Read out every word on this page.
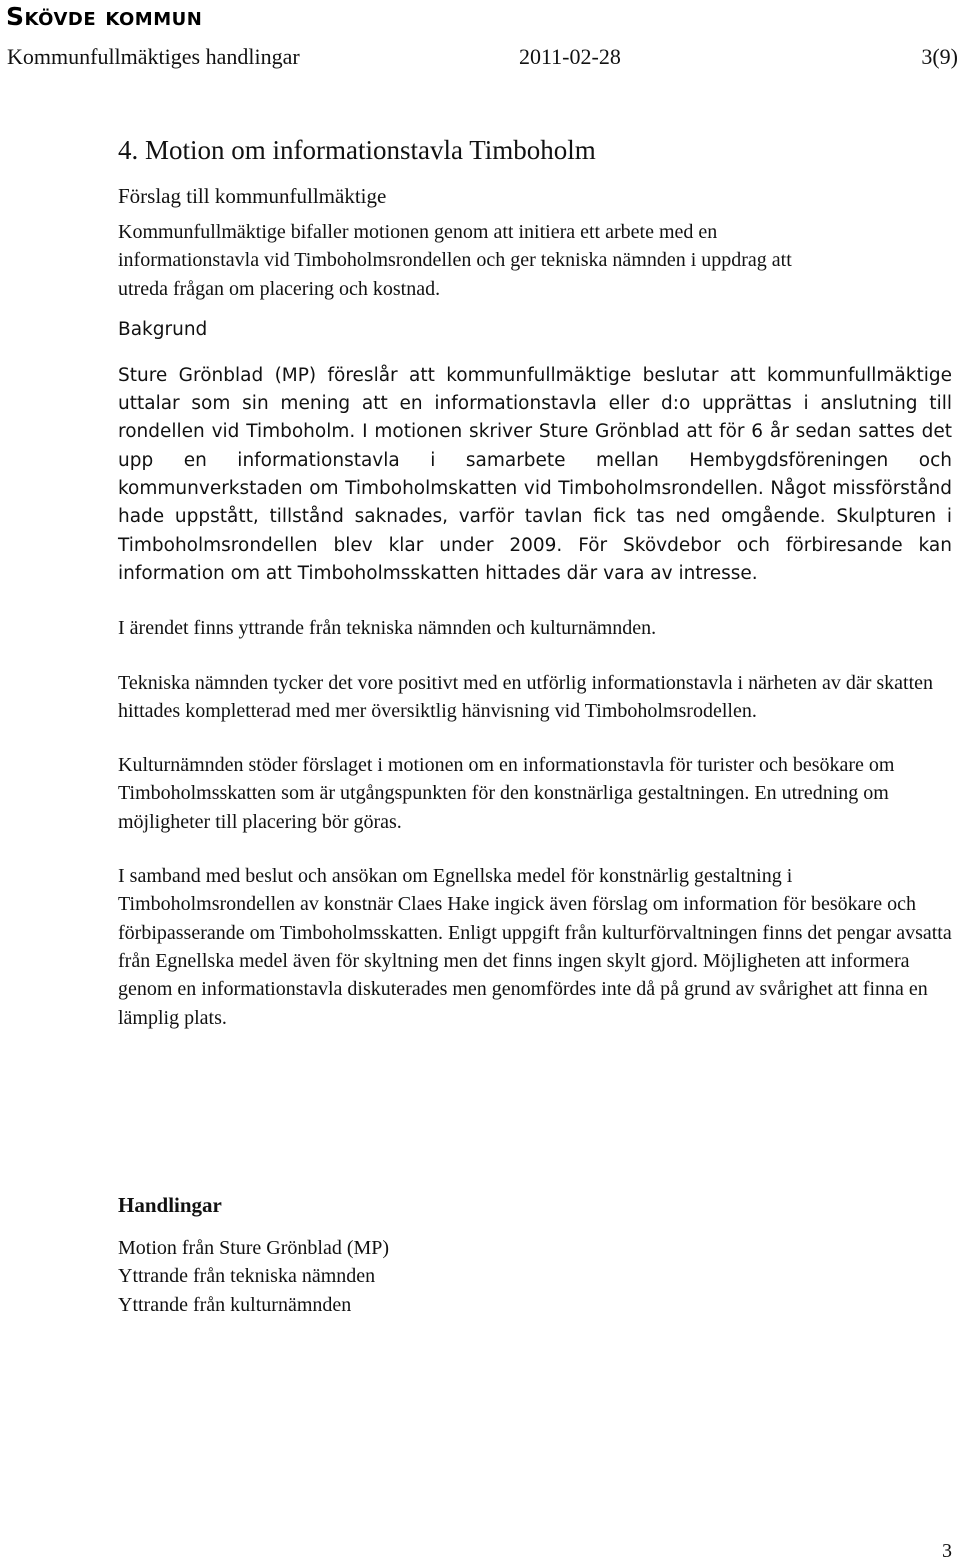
Skövde kommun
Kommunfullmäktiges handlingar	2011-02-28	3(9)
4. Motion om informationstavla Timboholm
Förslag till kommunfullmäktige

Kommunfullmäktige bifaller motionen genom att initiera ett arbete med en

informationstavla vid Timboholmsrondellen och ger tekniska nämnden i uppdrag att

utreda frågan om placering och kostnad.

Bakgrund

Sture Grönblad (MP) föreslår att kommunfullmäktige beslutar att kommunfullmäktige uttalar som sin mening att en informationstavla eller d:o upprättas i anslutning till rondellen vid Timboholm. I motionen skriver Sture Grönblad att för 6 år sedan sattes det upp en informationstavla i samarbete mellan Hembygdsföreningen och kommunverkstaden om Timboholmskatten vid Timboholmsrondellen. Något missförstånd hade uppstått, tillstånd saknades, varför tavlan fick tas ned omgående. Skulpturen i Timboholmsrondellen blev klar under 2009. För Skövdebor och förbiresande kan information om att Timboholmsskatten hittades där vara av intresse.

I ärendet finns yttrande från tekniska nämnden och kulturnämnden.

Tekniska nämnden tycker det vore positivt med en utförlig informationstavla i närheten av där skatten hittades kompletterad med mer översiktlig hänvisning vid Timboholmsrodellen.

Kulturnämnden stöder förslaget i motionen om en informationstavla för turister och besökare om Timboholmsskatten som är utgångspunkten för den konstnärliga gestaltningen. En utredning om möjligheter till placering bör göras.

I samband med beslut och ansökan om Egnellska medel för konstnärlig gestaltning i Timboholmsrondellen av konstnär Claes Hake ingick även förslag om information för besökare och förbipasserande om Timboholmsskatten. Enligt uppgift från kulturförvaltningen finns det pengar avsatta från Egnellska medel även för skyltning men det finns ingen skylt gjord. Möjligheten att informera genom en informationstavla diskuterades men genomfördes inte då på grund av svårighet att finna en lämplig plats.

Handlingar
Motion från Sture Grönblad (MP)
Yttrande från tekniska nämnden
Yttrande från kulturnämnden
3
